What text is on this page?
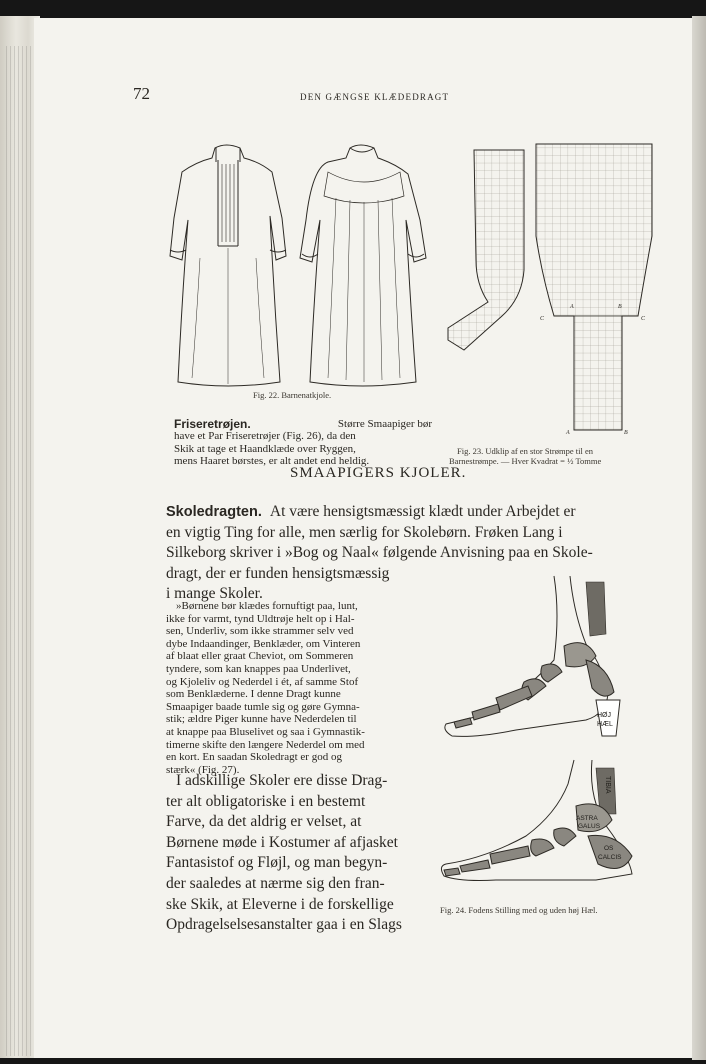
72	DEN GÆNGSE KLÆDEDRAGT

Fig. 22. Barnenatkjole.

C	C
A	B
A	B

Fig. 23. Udklip af en stor Strømpe til en

Barnestrømpe. — Hver Kvadrat = ½ Tomme

Friseretrøjen.	Større Smaapiger bør
have et Par Friseretrøjer (Fig. 26), da den
Skik at tage et Haandklæde over Ryggen,
mens Haaret børstes, er alt andet end heldig.

SMAAPIGERS KJOLER.

Skoledragten. At være hensigtsmæssigt klædt under Arbejdet er
en vigtig Ting for alle, men særlig for Skolebørn. Frøken Lang i
Silkeborg skriver i »Bog og Naal« følgende Anvisning paa en Skole-
dragt, der er funden hensigtsmæssig
i mange Skoler.
»Børnene bør klædes fornuftigt paa, lunt,
ikke for varmt, tynd Uldtrøje helt op i Hal-
sen, Underliv, som ikke strammer selv ved
dybe Indaandinger, Benklæder, om Vinteren
af blaat eller graat Cheviot, om Sommeren
tyndere, som kan knappes paa Underlivet,
og Kjoleliv og Nederdel i ét, af samme Stof
som Benklæderne. I denne Dragt kunne
Smaapiger baade tumle sig og gøre Gymna-
stik; ældre Piger kunne have Nederdelen til
at knappe paa Bluselivet og saa i Gymnastik-
timerne skifte den længere Nederdel om med
en kort. En saadan Skoledragt er god og
stærk« (Fig. 27).
I adskillige Skoler ere disse Drag-
ter alt obligatoriske i en bestemt
Farve, da det aldrig er velset, at
Børnene møde i Kostumer af afjasket
Fantasistof og Fløjl, og man begyn-
der saaledes at nærme sig den fran-
ske Skik, at Eleverne i de forskellige
Opdragelselsesanstalter gaa i en Slags
HØJ
HÆL
TIBIA
ASTRA
GALUS
OS
CALCIS

Fig. 24. Fodens Stilling med og uden høj Hæl.
